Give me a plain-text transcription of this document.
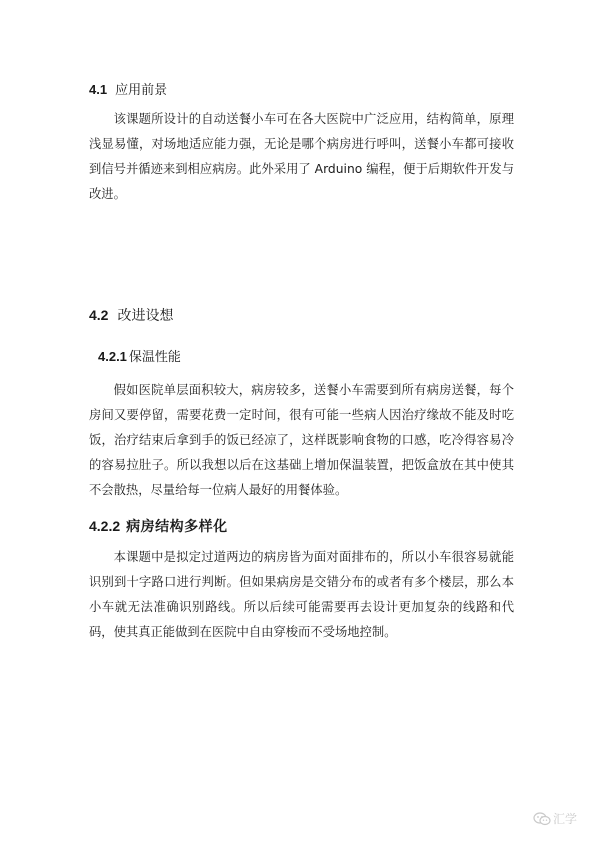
4.1 应用前景

该课题所设计的自动送餐小车可在各大医院中广泛应用，结构简单，原理浅显易懂，对场地适应能力强，无论是哪个病房进行呼叫，送餐小车都可接收到信号并循迹来到相应病房。此外采用了 Arduino 编程，便于后期软件开发与改进。

4.2 改进设想
4.2.1 保温性能

假如医院单层面积较大，病房较多，送餐小车需要到所有病房送餐，每个房间又要停留，需要花费一定时间，很有可能一些病人因治疗缘故不能及时吃饭，治疗结束后拿到手的饭已经凉了，这样既影响食物的口感，吃冷得容易冷的容易拉肚子。所以我想以后在这基础上增加保温装置，把饭盒放在其中使其不会散热，尽量给每一位病人最好的用餐体验。

4.2.2 病房结构多样化

本课题中是拟定过道两边的病房皆为面对面排布的，所以小车很容易就能识别到十字路口进行判断。但如果病房是交错分布的或者有多个楼层，那么本小车就无法准确识别路线。所以后续可能需要再去设计更加复杂的线路和代码，使其真正能做到在医院中自由穿梭而不受场地控制。

汇学
